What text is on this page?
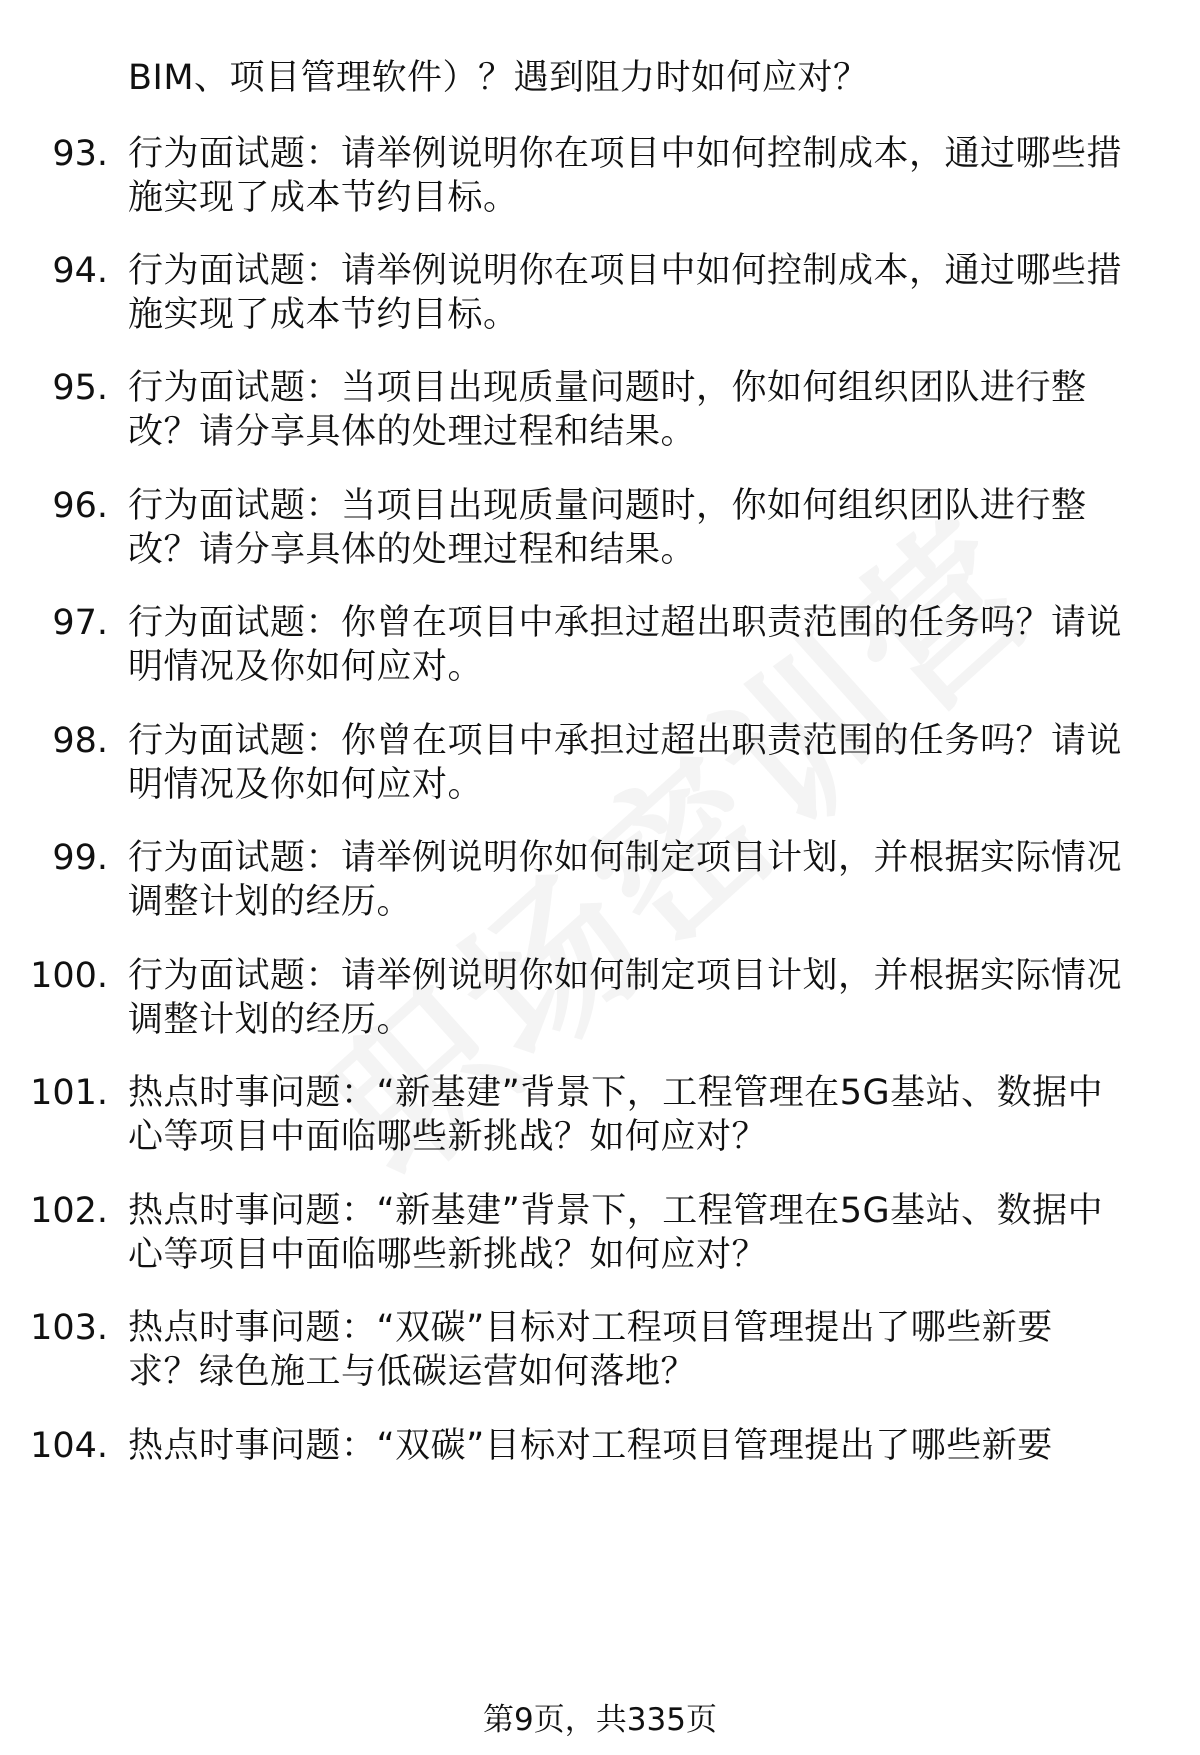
BIM、项目管理软件）？遇到阻力时如何应对？
93. 行为面试题：请举例说明你在项目中如何控制成本，通过哪些措
施实现了成本节约目标。
94. 行为面试题：请举例说明你在项目中如何控制成本，通过哪些措
施实现了成本节约目标。
95. 行为面试题：当项目出现质量问题时，你如何组织团队进行整
改？请分享具体的处理过程和结果。
96. 行为面试题：当项目出现质量问题时，你如何组织团队进行整
改？请分享具体的处理过程和结果。
97. 行为面试题：你曾在项目中承担过超出职责范围的任务吗？请说
明情况及你如何应对。
98. 行为面试题：你曾在项目中承担过超出职责范围的任务吗？请说
明情况及你如何应对。
99. 行为面试题：请举例说明你如何制定项目计划，并根据实际情况
调整计划的经历。
100. 行为面试题：请举例说明你如何制定项目计划，并根据实际情况
调整计划的经历。
101. 热点时事问题：“新基建”背景下，工程管理在5G基站、数据中
心等项目中面临哪些新挑战？如何应对？
102. 热点时事问题：“新基建”背景下，工程管理在5G基站、数据中
心等项目中面临哪些新挑战？如何应对？
103. 热点时事问题：“双碳”目标对工程项目管理提出了哪些新要
求？绿色施工与低碳运营如何落地？
104. 热点时事问题：“双碳”目标对工程项目管理提出了哪些新要
第9页，共335页
